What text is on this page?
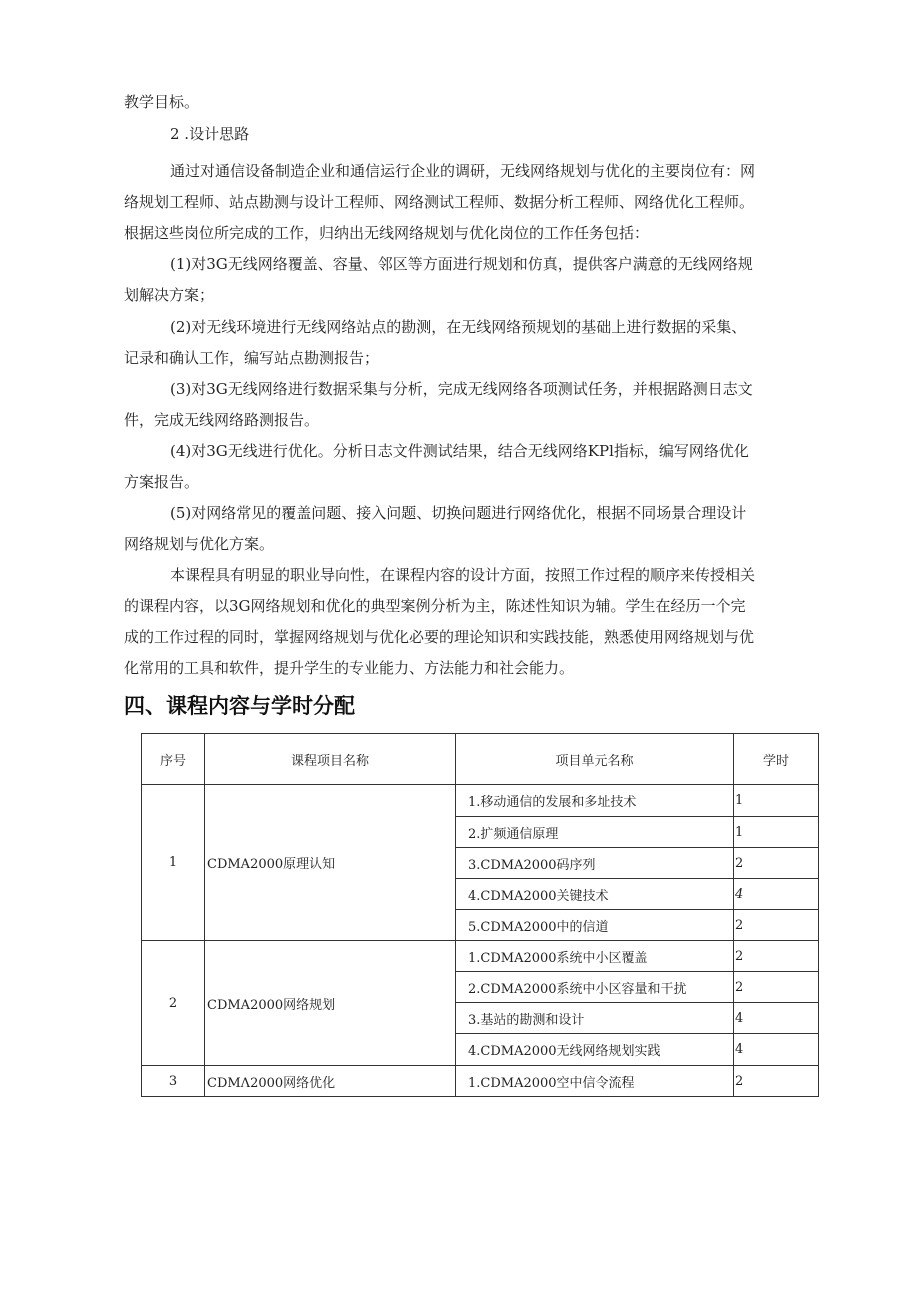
教学目标。
2 .设计思路
通过对通信设备制造企业和通信运行企业的调研，无线网络规划与优化的主要岗位有：网
络规划工程师、站点勘测与设计工程师、网络测试工程师、数据分析工程师、网络优化工程师。
根据这些岗位所完成的工作，归纳出无线网络规划与优化岗位的工作任务包括：
(1)对3G无线网络覆盖、容量、邻区等方面进行规划和仿真，提供客户满意的无线网络规
划解决方案；
(2)对无线环境进行无线网络站点的勘测，在无线网络预规划的基础上进行数据的采集、
记录和确认工作，编写站点勘测报告；
(3)对3G无线网络进行数据采集与分析，完成无线网络各项测试任务，并根据路测日志文
件，完成无线网络路测报告。
(4)对3G无线进行优化。分析日志文件测试结果，结合无线网络KPl指标，编写网络优化
方案报告。
(5)对网络常见的覆盖问题、接入问题、切换问题进行网络优化，根据不同场景合理设计
网络规划与优化方案。
本课程具有明显的职业导向性，在课程内容的设计方面，按照工作过程的顺序来传授相关
的课程内容，以3G网络规划和优化的典型案例分析为主，陈述性知识为辅。学生在经历一个完
成的工作过程的同时，掌握网络规划与优化必要的理论知识和实践技能，熟悉使用网络规划与优
化常用的工具和软件，提升学生的专业能力、方法能力和社会能力。
四、课程内容与学时分配
序号	课程项目名称	项目单元名称	学时
1	CDMA2000原理认知	1.移动通信的发展和多址技术	1
		2.扩频通信原理	1
		3.CDMA2000码序列	2
		4.CDMA2000关键技术	4
		5.CDMA2000中的信道	2
2	CDMA2000网络规划	1.CDMA2000系统中小区覆盖	2
		2.CDMA2000系统中小区容量和干扰	2
		3.基站的勘测和设计	4
		4.CDMA2000无线网络规划实践	4
3	CDMΛ2000网络优化	1.CDMA2000空中信令流程	2
